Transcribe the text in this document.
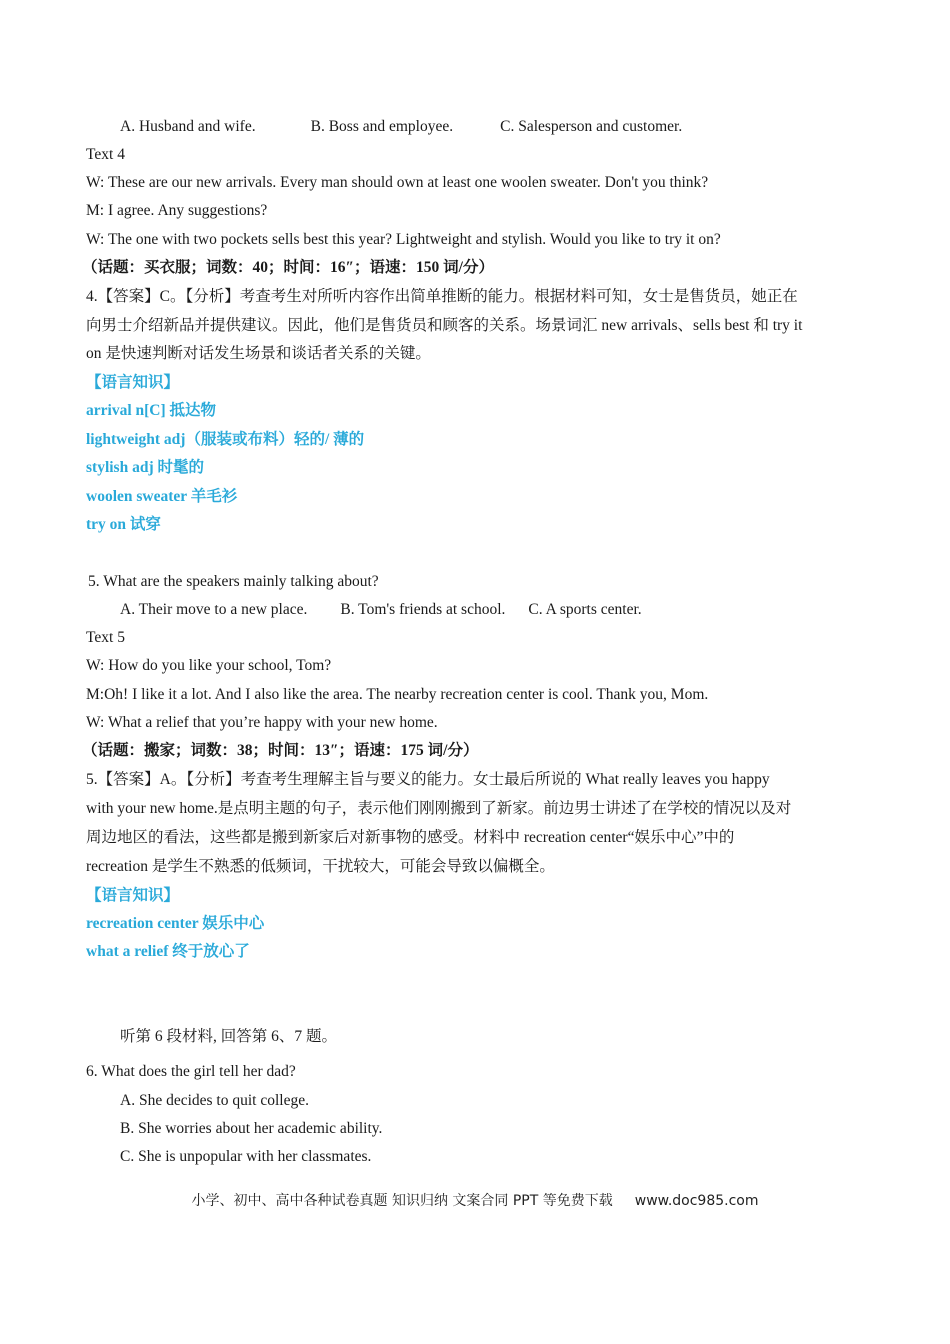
A. Husband and wife.	B. Boss and employee.	C. Salesperson and customer.
Text 4
W: These are our new arrivals. Every man should own at least one woolen sweater. Don't you think?
M: I agree. Any suggestions?
W: The one with two pockets sells best this year? Lightweight and stylish. Would you like to try it on?
（话题：买衣服；词数：40；时间：16″；语速：150 词/分）
4.【答案】C。【分析】考查考生对所听内容作出简单推断的能力。根据材料可知，女士是售货员，她正在
向男士介绍新品并提供建议。因此，他们是售货员和顾客的关系。场景词汇 new arrivals、sells best 和 try it
on 是快速判断对话发生场景和谈话者关系的关键。
【语言知识】
arrival n[C] 抵达物
lightweight adj（服装或布料）轻的/ 薄的
stylish adj 时髦的
woolen sweater 羊毛衫
try on 试穿
5. What are the speakers mainly talking about?
A. Their move to a new place. B. Tom's friends at school. C. A sports center.
Text 5
W: How do you like your school, Tom?
M:Oh! I like it a lot. And I also like the area. The nearby recreation center is cool. Thank you, Mom.
W: What a relief that you’re happy with your new home.
（话题：搬家；词数：38；时间：13″；语速：175 词/分）
5.【答案】A。【分析】考查考生理解主旨与要义的能力。女士最后所说的 What really leaves you happy
with your new home.是点明主题的句子，表示他们刚刚搬到了新家。前边男士讲述了在学校的情况以及对
周边地区的看法，这些都是搬到新家后对新事物的感受。材料中 recreation center“娱乐中心”中的
recreation 是学生不熟悉的低频词，干扰较大，可能会导致以偏概全。
【语言知识】
recreation center 娱乐中心
what a relief 终于放心了
听第 6 段材料, 回答第 6、7 题。
6. What does the girl tell her dad?
A. She decides to quit college.
B. She worries about her academic ability.
C. She is unpopular with her classmates.
小学、初中、高中各种试卷真题 知识归纳 文案合同 PPT 等免费下载 www.doc985.com
